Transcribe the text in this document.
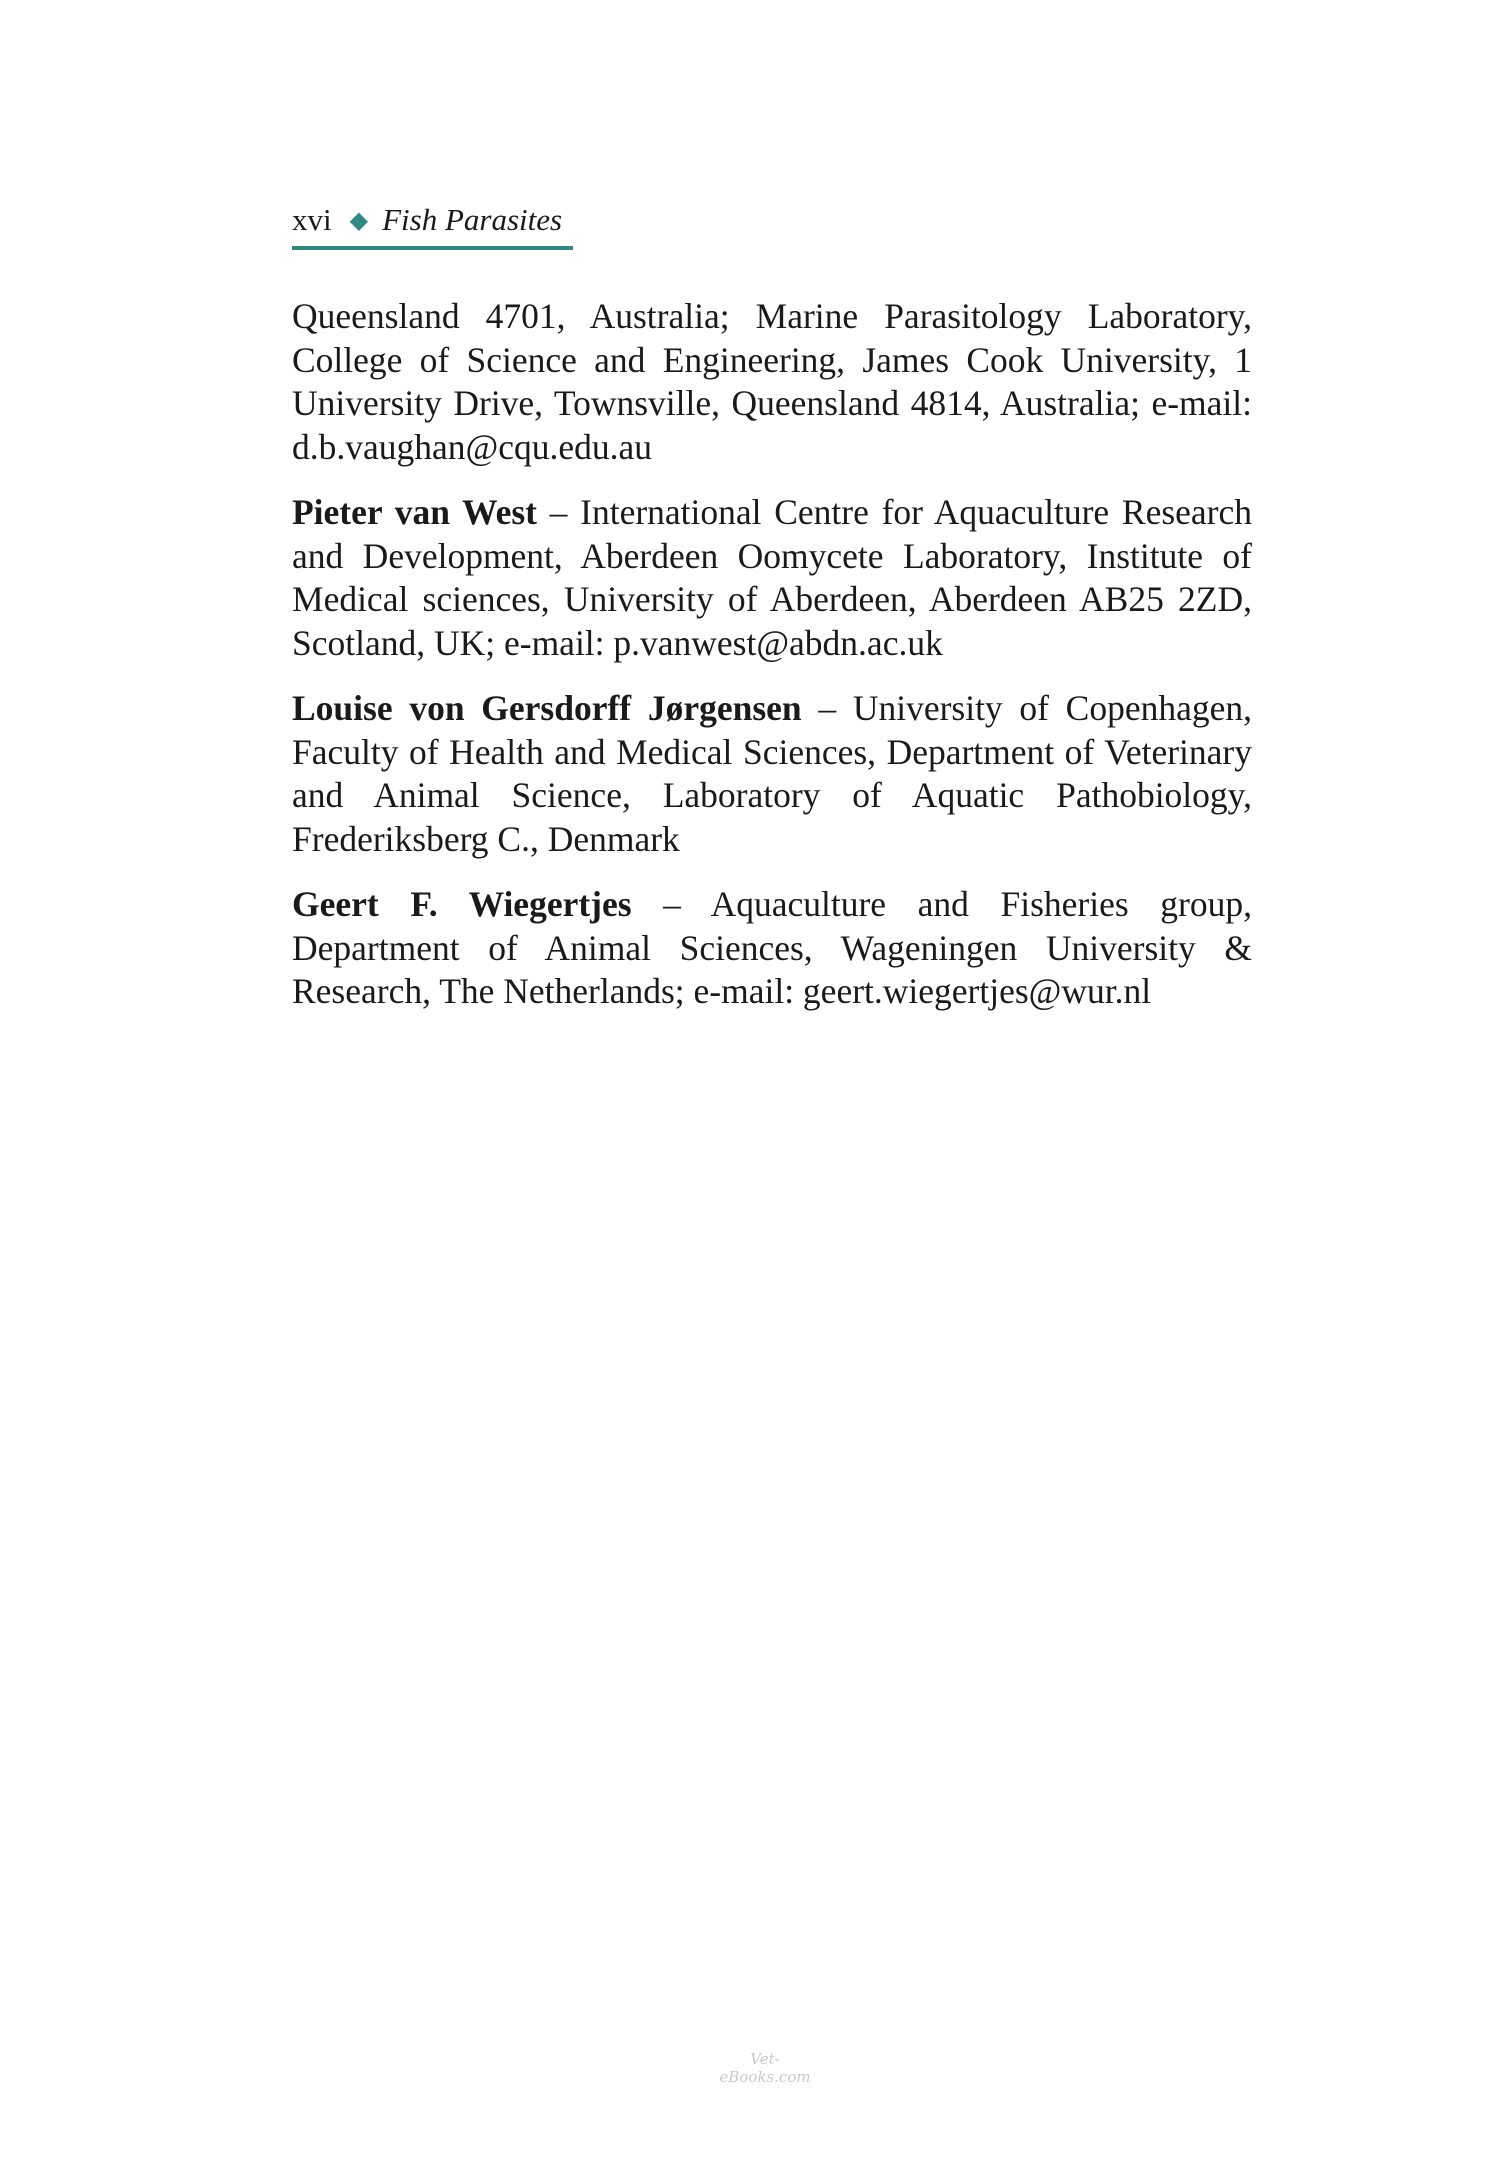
xvi ◆ Fish Parasites

Queensland 4701, Australia; Marine Parasitology Laboratory, College of Science and Engineering, James Cook University, 1 University Drive, Townsville, Queensland 4814, Australia; e-mail: d.b.vaughan@cqu.edu.au

Pieter van West – International Centre for Aquaculture Research and Development, Aberdeen Oomycete Laboratory, Institute of Medical sciences, University of Aberdeen, Aberdeen AB25 2ZD, Scotland, UK; e-mail: p.vanwest@abdn.ac.uk

Louise von Gersdorff Jørgensen – University of Copenhagen, Faculty of Health and Medical Sciences, Department of Veterinary and Animal Science, Laboratory of Aquatic Pathobiology, Frederiksberg C., Denmark

Geert F. Wiegertjes – Aquaculture and Fisheries group, Department of Animal Sciences, Wageningen University & Research, The Netherlands; e-mail: geert.wiegertjes@wur.nl

Vet-eBooks.com
